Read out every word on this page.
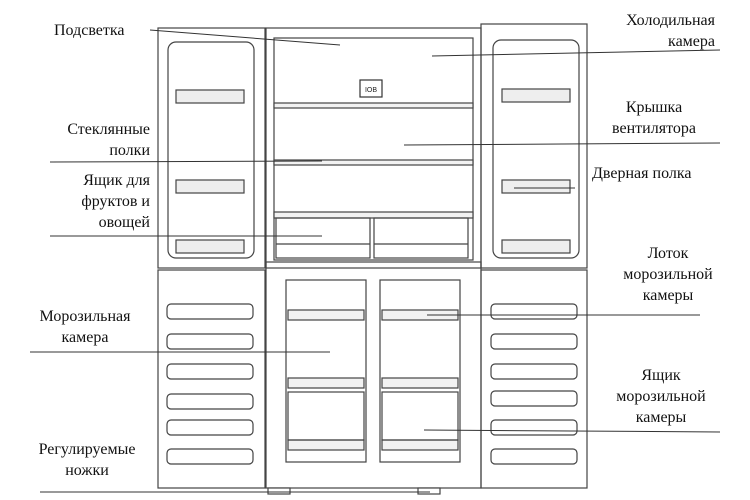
IOB
Подсветка
Стеклянные
полки
Ящик для
фруктов и
овощей
Морозильная
камера
Регулируемые
ножки
Холодильная
камера
Крышка
вентилятора
Дверная полка
Лоток
морозильной
камеры
Ящик
морозильной
камеры
